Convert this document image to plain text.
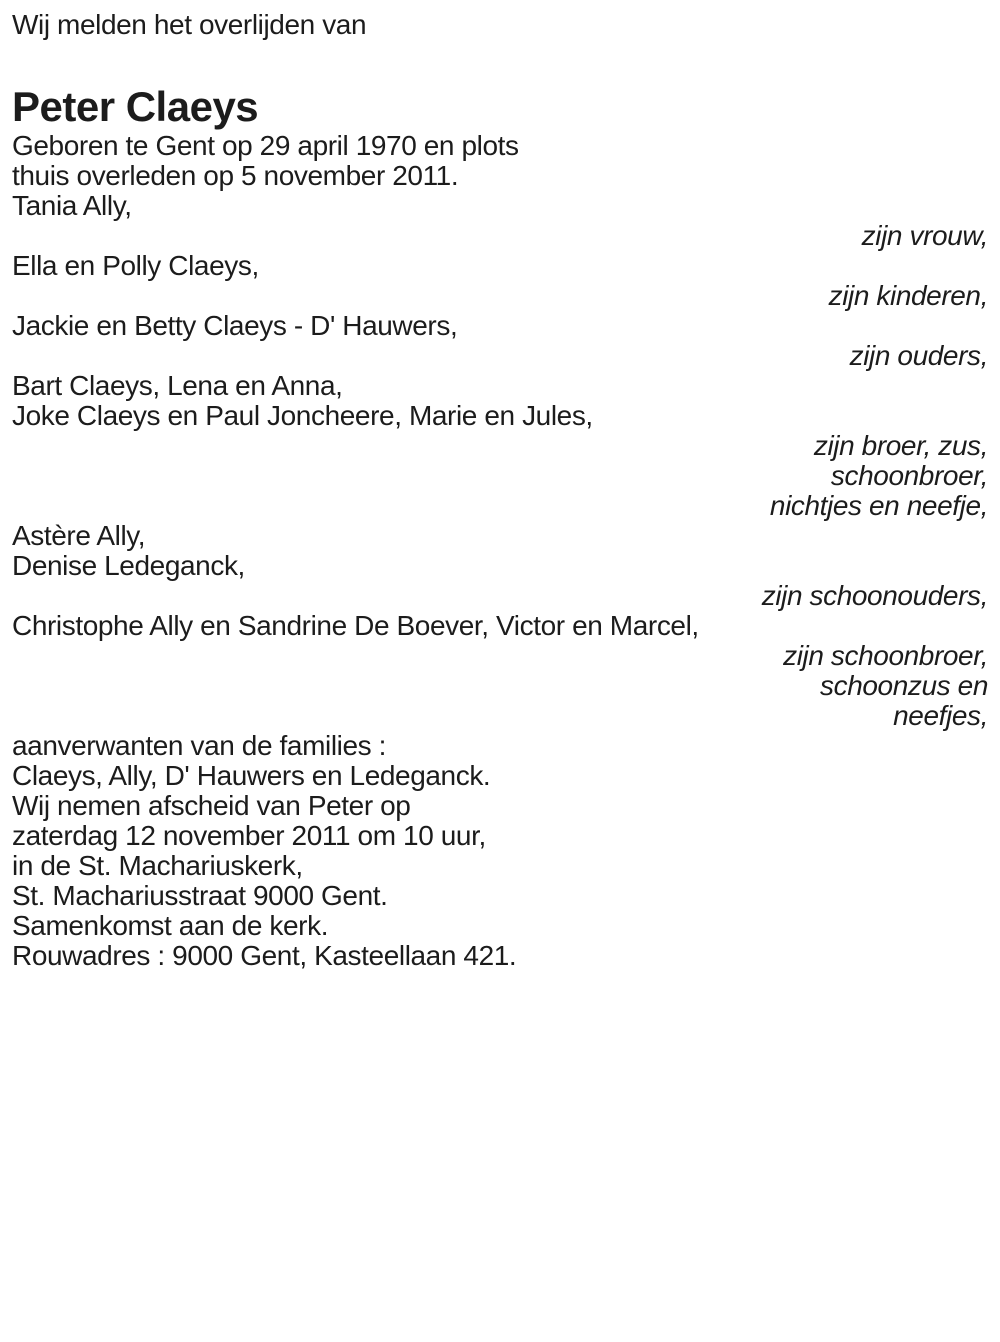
Wij melden het overlijden van

Peter Claeys

Geboren te Gent op 29 april 1970 en plots

thuis overleden op 5 november 2011.

Tania Ally,

zijn vrouw,

Ella en Polly Claeys,

zijn kinderen,

Jackie en Betty Claeys - D' Hauwers,

zijn ouders,

Bart Claeys, Lena en Anna,

Joke Claeys en Paul Joncheere, Marie en Jules,

zijn broer, zus,

schoonbroer,

nichtjes en neefje,

Astère Ally,

Denise Ledeganck,

zijn schoonouders,

Christophe Ally en Sandrine De Boever, Victor en Marcel,

zijn schoonbroer,

schoonzus en

neefjes,

aanverwanten van de families :

Claeys, Ally, D' Hauwers en Ledeganck.

Wij nemen afscheid van Peter op

zaterdag 12 november 2011 om 10 uur,

in de St. Machariuskerk,

St. Machariusstraat 9000 Gent.

Samenkomst aan de kerk.

Rouwadres : 9000 Gent, Kasteellaan 421.
